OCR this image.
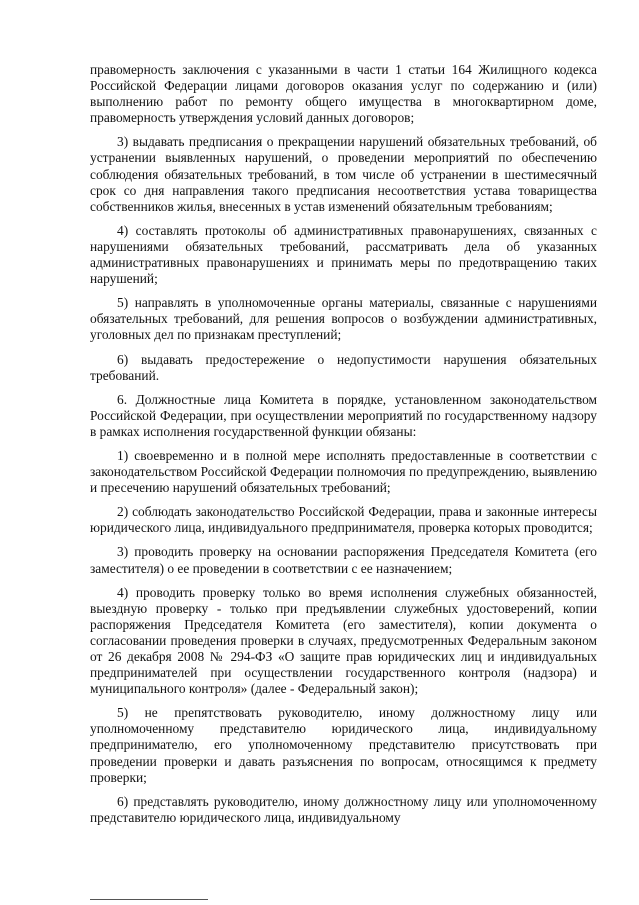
правомерность заключения с указанными в части 1 статьи 164 Жилищного кодекса Российской Федерации лицами договоров оказания услуг по содержанию и (или) выполнению работ по ремонту общего имущества в многоквартирном доме, правомерность утверждения условий данных договоров;

3) выдавать предписания о прекращении нарушений обязательных требований, об устранении выявленных нарушений, о проведении мероприятий по обеспечению соблюдения обязательных требований, в том числе об устранении в шестимесячный срок со дня направления такого предписания несоответствия устава товарищества собственников жилья, внесенных в устав изменений обязательным требованиям;

4) составлять протоколы об административных правонарушениях, связанных с нарушениями обязательных требований, рассматривать дела об указанных административных правонарушениях и принимать меры по предотвращению таких нарушений;

5) направлять в уполномоченные органы материалы, связанные с нарушениями обязательных требований, для решения вопросов о возбуждении административных, уголовных дел по признакам преступлений;

6) выдавать предостережение о недопустимости нарушения обязательных требований.

6. Должностные лица Комитета в порядке, установленном законодательством Российской Федерации, при осуществлении мероприятий по государственному надзору в рамках исполнения государственной функции обязаны:

1) своевременно и в полной мере исполнять предоставленные в соответствии с законодательством Российской Федерации полномочия по предупреждению, выявлению и пресечению нарушений обязательных требований;

2) соблюдать законодательство Российской Федерации, права и законные интересы юридического лица, индивидуального предпринимателя, проверка которых проводится;

3) проводить проверку на основании распоряжения Председателя Комитета (его заместителя) о ее проведении в соответствии с ее назначением;

4) проводить проверку только во время исполнения служебных обязанностей, выездную проверку - только при предъявлении служебных удостоверений, копии распоряжения Председателя Комитета (его заместителя), копии документа о согласовании проведения проверки в случаях, предусмотренных Федеральным законом от 26 декабря 2008 № 294-ФЗ «О защите прав юридических лиц и индивидуальных предпринимателей при осуществлении государственного контроля (надзора) и муниципального контроля» (далее - Федеральный закон);

5) не препятствовать руководителю, иному должностному лицу или уполномоченному представителю юридического лица, индивидуальному предпринимателю, его уполномоченному представителю присутствовать при проведении проверки и давать разъяснения по вопросам, относящимся к предмету проверки;

6) представлять руководителю, иному должностному лицу или уполномоченному представителю юридического лица, индивидуальному
